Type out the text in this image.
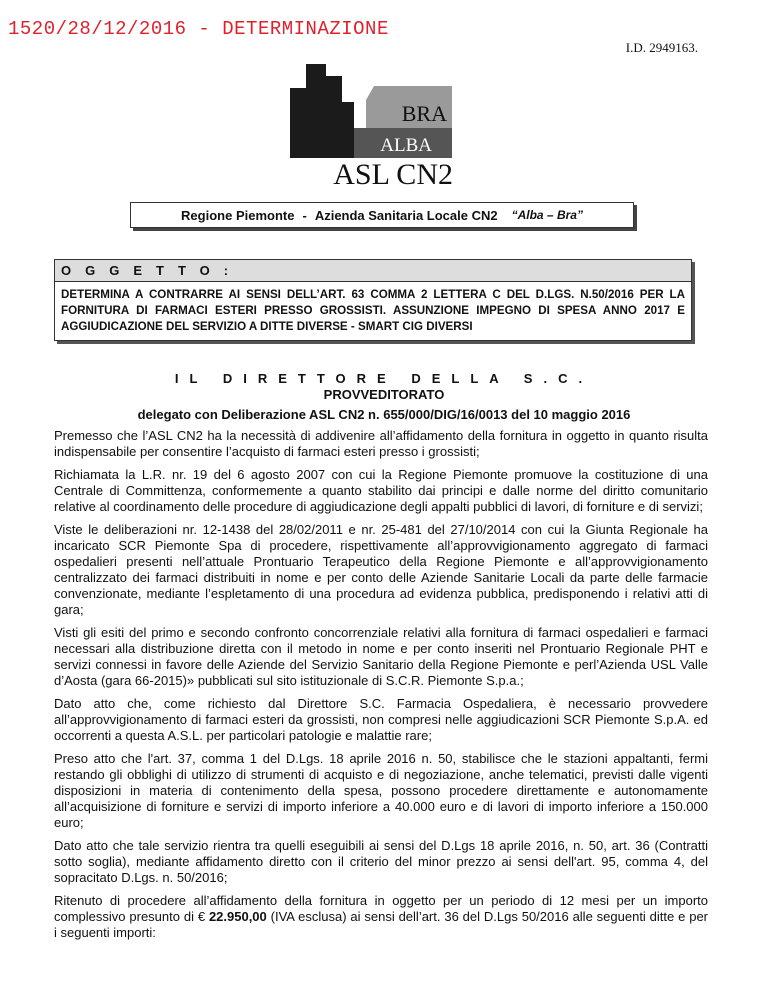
1520/28/12/2016 - DETERMINAZIONE
I.D. 2949163.
BRA
ALBA
ASL CN2
Regione Piemonte - Azienda Sanitaria Locale CN2 “Alba – Bra”
OGGETTO:
DETERMINA A CONTRARRE AI SENSI DELL’ART. 63 COMMA 2 LETTERA C DEL D.LGS. N.50/2016 PER LA FORNITURA DI FARMACI ESTERI PRESSO GROSSISTI. ASSUNZIONE IMPEGNO DI SPESA ANNO 2017 E AGGIUDICAZIONE DEL SERVIZIO A DITTE DIVERSE - SMART CIG DIVERSI
IL DIRETTORE DELLA S.C.
PROVVEDITORATO
delegato con Deliberazione ASL CN2 n. 655/000/DIG/16/0013 del 10 maggio 2016

Premesso che l’ASL CN2 ha la necessità di addivenire all’affidamento della fornitura in oggetto in quanto risulta indispensabile per consentire l’acquisto di farmaci esteri presso i grossisti;

Richiamata la L.R. nr. 19 del 6 agosto 2007 con cui la Regione Piemonte promuove la costituzione di una Centrale di Committenza, conformemente a quanto stabilito dai principi e dalle norme del diritto comunitario relative al coordinamento delle procedure di aggiudicazione degli appalti pubblici di lavori, di forniture e di servizi;

Viste le deliberazioni nr. 12-1438 del 28/02/2011 e nr. 25-481 del 27/10/2014 con cui la Giunta Regionale ha incaricato SCR Piemonte Spa di procedere, rispettivamente all’approvvigionamento aggregato di farmaci ospedalieri presenti nell’attuale Prontuario Terapeutico della Regione Piemonte e all’approvvigionamento centralizzato dei farmaci distribuiti in nome e per conto delle Aziende Sanitarie Locali da parte delle farmacie convenzionate, mediante l’espletamento di una procedura ad evidenza pubblica, predisponendo i relativi atti di gara;

Visti gli esiti del primo e secondo confronto concorrenziale relativi alla fornitura di farmaci ospedalieri e farmaci necessari alla distribuzione diretta con il metodo in nome e per conto inseriti nel Prontuario Regionale PHT e servizi connessi in favore delle Aziende del Servizio Sanitario della Regione Piemonte e perl’Azienda USL Valle d’Aosta (gara 66-2015)» pubblicati sul sito istituzionale di S.C.R. Piemonte S.p.a.;

Dato atto che, come richiesto dal Direttore S.C. Farmacia Ospedaliera, è necessario provvedere all’approvvigionamento di farmaci esteri da grossisti, non compresi nelle aggiudicazioni SCR Piemonte S.p.A. ed occorrenti a questa A.S.L. per particolari patologie e malattie rare;

Preso atto che l'art. 37, comma 1 del D.Lgs. 18 aprile 2016 n. 50, stabilisce che le stazioni appaltanti, fermi restando gli obblighi di utilizzo di strumenti di acquisto e di negoziazione, anche telematici, previsti dalle vigenti disposizioni in materia di contenimento della spesa, possono procedere direttamente e autonomamente all’acquisizione di forniture e servizi di importo inferiore a 40.000 euro e di lavori di importo inferiore a 150.000 euro;

Dato atto che tale servizio rientra tra quelli eseguibili ai sensi del D.Lgs 18 aprile 2016, n. 50, art. 36 (Contratti sotto soglia), mediante affidamento diretto con il criterio del minor prezzo ai sensi dell'art. 95, comma 4, del sopracitato D.Lgs. n. 50/2016;

Ritenuto di procedere all’affidamento della fornitura in oggetto per un periodo di 12 mesi per un importo complessivo presunto di € 22.950,00 (IVA esclusa) ai sensi dell’art. 36 del D.Lgs 50/2016 alle seguenti ditte e per i seguenti importi:
